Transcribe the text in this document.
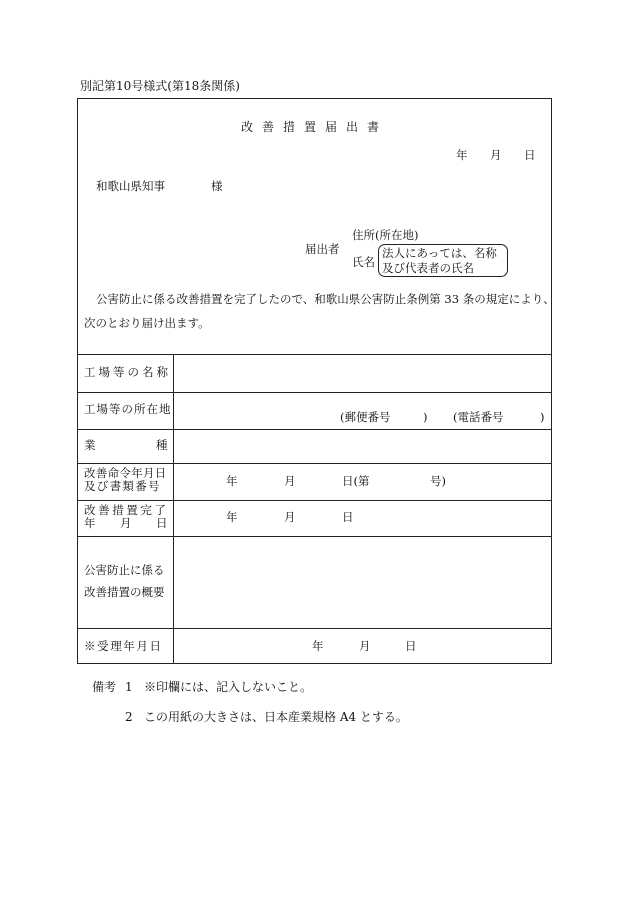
別記第10号様式(第18条関係)
改善措置届出書
年 月 日
和歌山県知事	様
住所(所在地)
届出者
氏名
法人にあっては、名称
及び代表者の氏名
公害防止に係る改善措置を完了したので、和歌山県公害防止条例第 33 条の規定により、
次のとおり届け出ます。
工場等の名称
工場等の所在地
(郵便番号	) (電話番号	)
業	種
改善命令年月日
及び書類番号	年	月	日(第	号)
改善措置完了
年 月 日	年	月	日
公害防止に係る
改善措置の概要
※受理年月日	年	月	日
備考 1 ※印欄には、記入しないこと。
2 この用紙の大きさは、日本産業規格 A4 とする。
